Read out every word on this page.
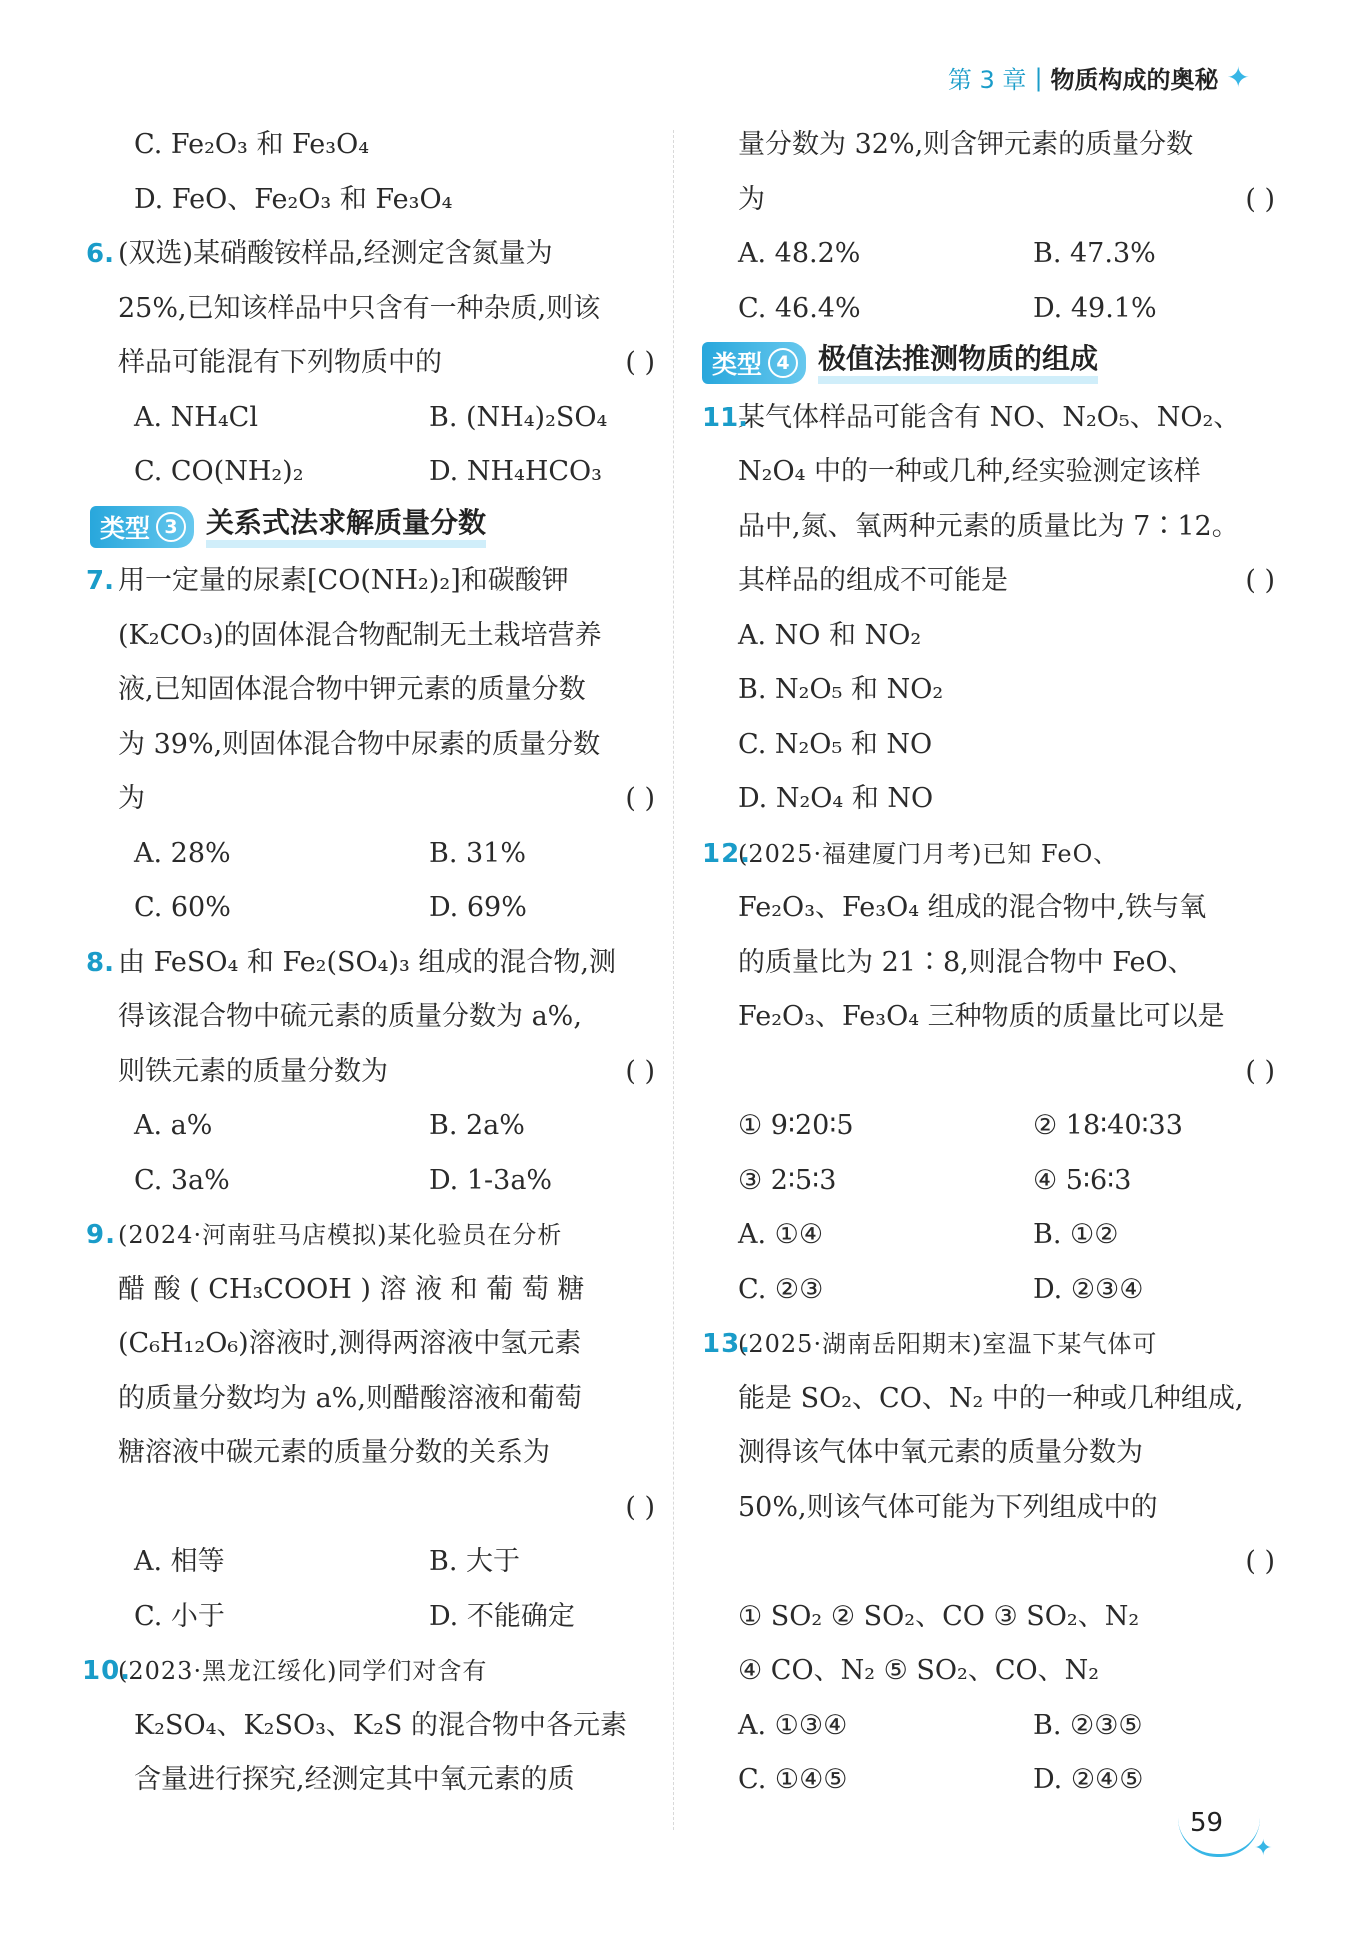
第 3 章 | 物质构成的奥秘 ✦
C. Fe₂O₃ 和 Fe₃O₄
D. FeO、Fe₂O₃ 和 Fe₃O₄
6. (双选)某硝酸铵样品,经测定含氮量为
25%,已知该样品中只含有一种杂质,则该
样品可能混有下列物质中的	( )
A. NH₄Cl	B. (NH₄)₂SO₄
C. CO(NH₂)₂	D. NH₄HCO₃
类型 3 关系式法求解质量分数
7. 用一定量的尿素[CO(NH₂)₂]和碳酸钾
(K₂CO₃)的固体混合物配制无土栽培营养
液,已知固体混合物中钾元素的质量分数
为 39%,则固体混合物中尿素的质量分数
为	( )
A. 28%	B. 31%
C. 60%	D. 69%
8. 由 FeSO₄ 和 Fe₂(SO₄)₃ 组成的混合物,测
得该混合物中硫元素的质量分数为 a%,
则铁元素的质量分数为	( )
A. a%	B. 2a%
C. 3a%	D. 1-3a%
9. (2024·河南驻马店模拟)某化验员在分析
醋 酸 ( CH₃COOH ) 溶 液 和 葡 萄 糖
(C₆H₁₂O₆)溶液时,测得两溶液中氢元素
的质量分数均为 a%,则醋酸溶液和葡萄
糖溶液中碳元素的质量分数的关系为
( )
A. 相等	B. 大于
C. 小于	D. 不能确定
10.
(2023·黑龙江绥化)同学们对含有
K₂SO₄、K₂SO₃、K₂S 的混合物中各元素
含量进行探究,经测定其中氧元素的质
量分数为 32%,则含钾元素的质量分数
为	( )
A. 48.2%	B. 47.3%
C. 46.4%	D. 49.1%
类型 4 极值法推测物质的组成
11.
某气体样品可能含有 NO、N₂O₅、NO₂、
N₂O₄ 中的一种或几种,经实验测定该样
品中,氮、氧两种元素的质量比为 7∶12。
其样品的组成不可能是	( )
A. NO 和 NO₂
B. N₂O₅ 和 NO₂
C. N₂O₅ 和 NO
D. N₂O₄ 和 NO
12.
(2025·福建厦门月考)已知 FeO、
Fe₂O₃、Fe₃O₄ 组成的混合物中,铁与氧
的质量比为 21∶8,则混合物中 FeO、
Fe₂O₃、Fe₃O₄ 三种物质的质量比可以是
( )
① 9∶20∶5	② 18∶40∶33
③ 2∶5∶3	④ 5∶6∶3
A. ①④	B. ①②
C. ②③	D. ②③④
13.
(2025·湖南岳阳期末)室温下某气体可
能是 SO₂、CO、N₂ 中的一种或几种组成,
测得该气体中氧元素的质量分数为
50%,则该气体可能为下列组成中的
( )
① SO₂ ② SO₂、CO ③ SO₂、N₂
④ CO、N₂ ⑤ SO₂、CO、N₂
A. ①③④	B. ②③⑤
C. ①④⑤	D. ②④⑤
59
✦
